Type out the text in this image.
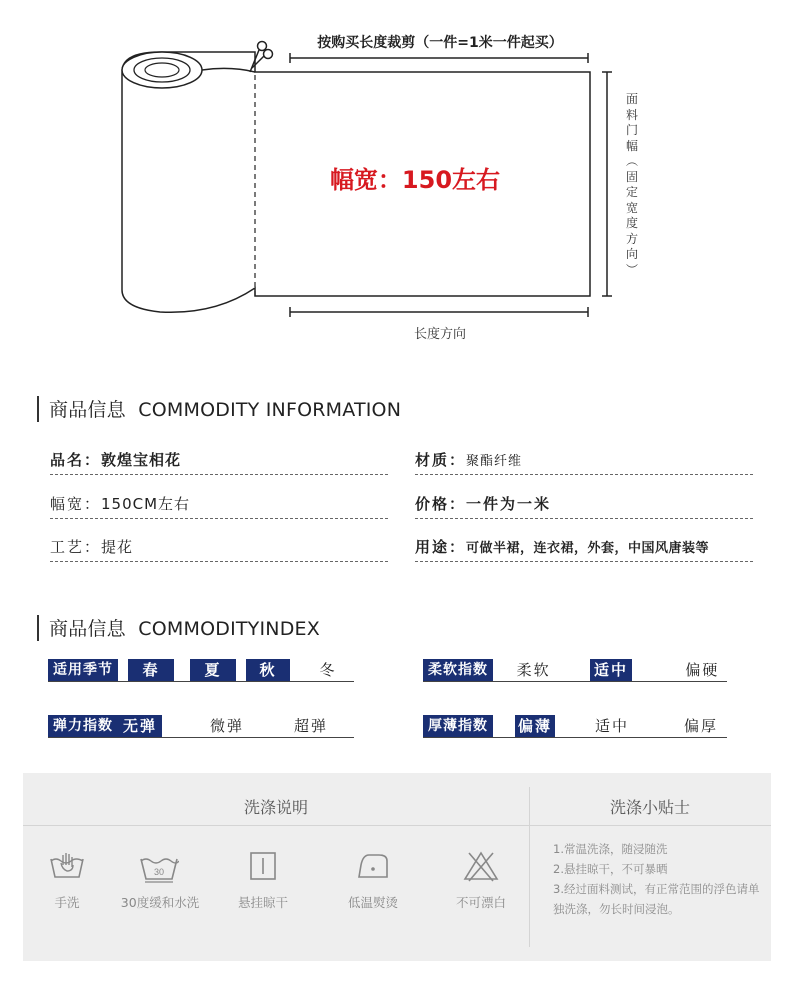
按购买长度裁剪（一件=1米一件起买）
幅宽：150左右
长度方向
面
料
门
幅
︵
固
定
宽
度
方
向
︶
商品信息  COMMODITY INFORMATION
品名： 敦煌宝相花	材质： 聚酯纤维
幅宽： 150CM左右	价格： 一件为一米
工艺： 提花	用途： 可做半裙，连衣裙，外套，中国风唐装等
商品信息  COMMODITYINDEX
适用季节	春	夏	秋	冬	柔软指数	柔软	适中	偏硬
弹力指数 无弹	微弹	超弹	厚薄指数	偏薄	适中	偏厚
洗涤说明	洗涤小贴士
手洗
30
30度缓和水洗	悬挂晾干	低温熨烫	不可漂白
1.常温洗涤，随浸随洗
2.悬挂晾干，不可暴晒
3.经过面料测试，有正常范围的浮色请单独洗涤，勿长时间浸泡。
